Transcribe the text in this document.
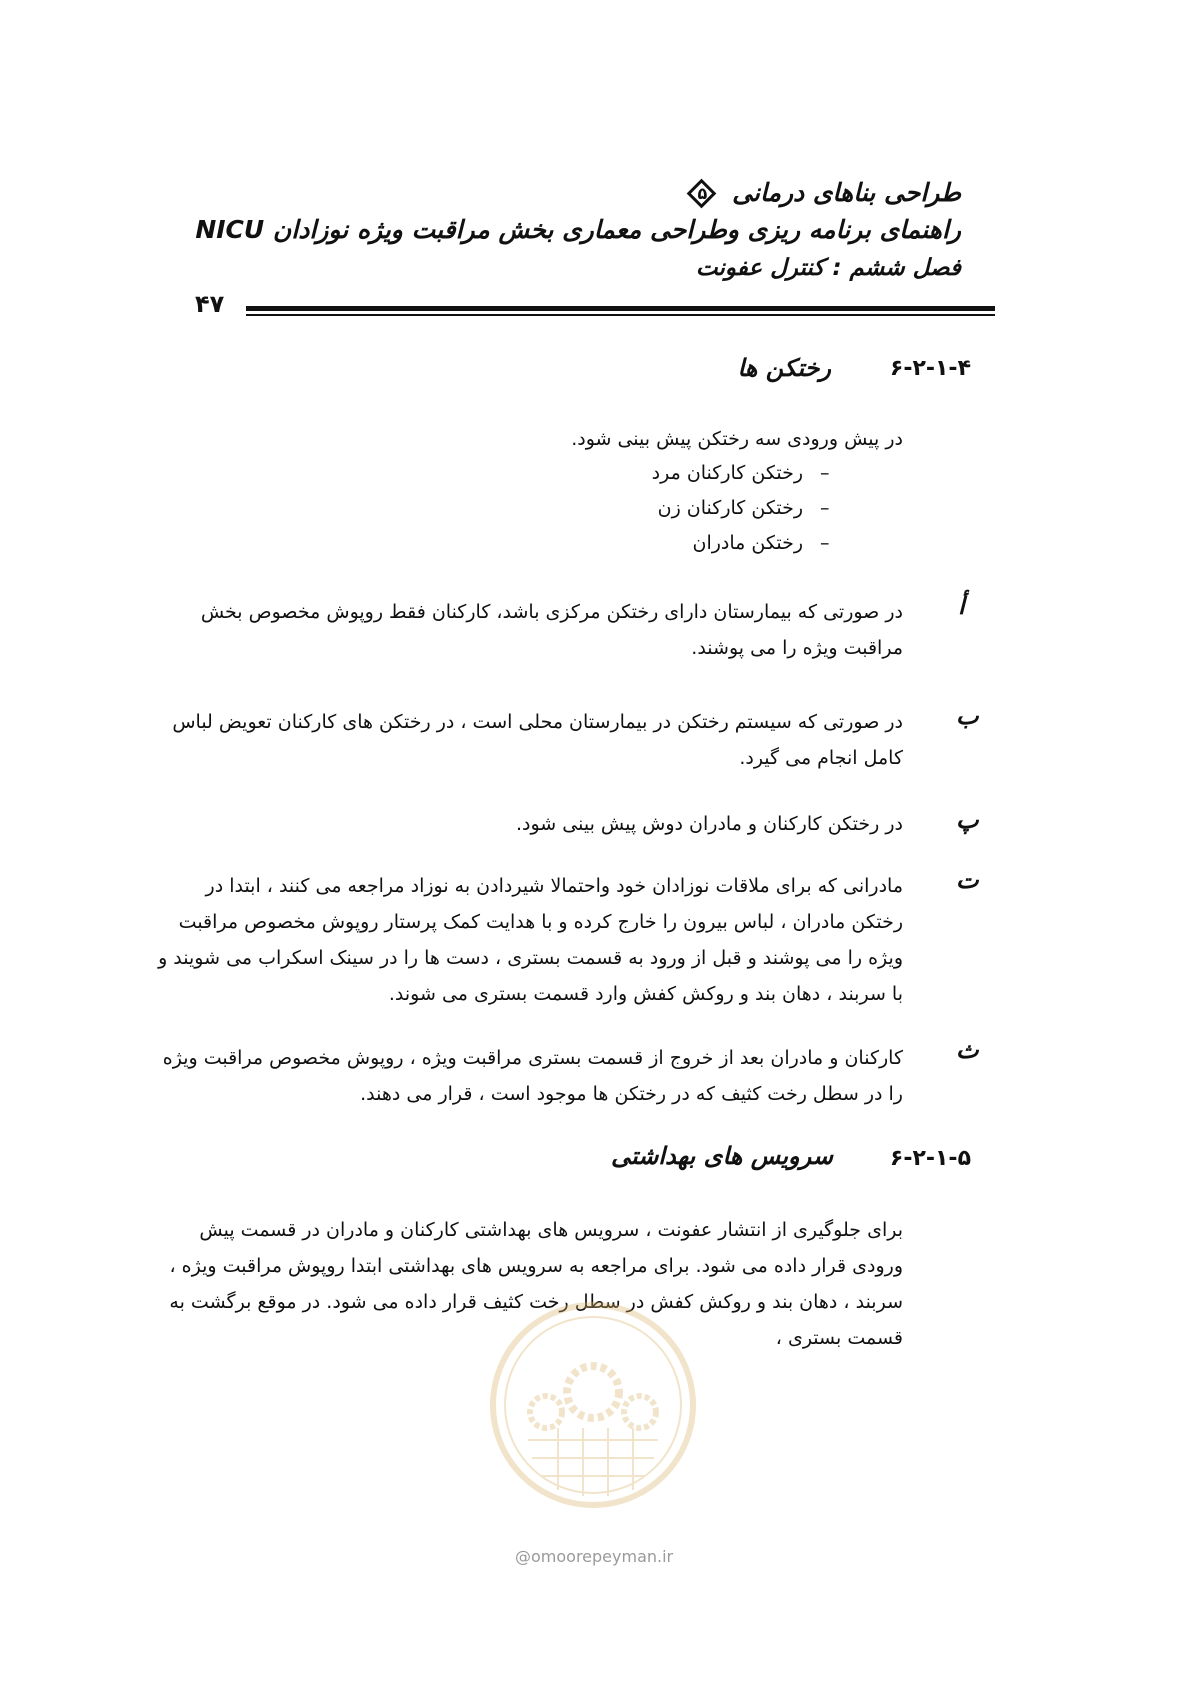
طراحی بناهای درمانی
۵
راهنمای برنامه ریزی وطراحی معماری بخش مراقبت ویژه نوزادان NICU
فصل ششم : کنترل عفونت
۴۷
۶-۲-۱-۴
رختکن ها
در پیش ورودی سه رختکن پیش بینی شود.
–
رختکن کارکنان مرد
–
رختکن کارکنان زن
–
رختکن مادران
أ
در صورتی که بیمارستان دارای رختکن مرکزی باشد، کارکنان فقط روپوش مخصوص بخش مراقبت ویژه را می پوشند.
ب
در صورتی که سیستم رختکن در بیمارستان محلی است ، در رختکن های کارکنان تعویض لباس کامل انجام می گیرد.
پ
در رختکن کارکنان و مادران دوش پیش بینی شود.
ت
مادرانی که برای ملاقات نوزادان خود واحتمالا شیردادن به نوزاد مراجعه می کنند ، ابتدا در رختکن مادران ، لباس بیرون را خارج کرده و با هدایت کمک پرستار روپوش مخصوص مراقبت ویژه را می پوشند و قبل از ورود به قسمت بستری ، دست ها را در سینک اسکراب می شویند و با سربند ، دهان بند و روکش کفش وارد قسمت بستری می شوند.
ث
کارکنان و مادران بعد از خروج از قسمت بستری مراقبت ویژه ، روپوش مخصوص مراقبت ویژه را در سطل رخت کثیف که در رختکن ها موجود است ، قرار می دهند.
۶-۲-۱-۵
سرویس های بهداشتی
برای جلوگیری از انتشار عفونت ، سرویس های بهداشتی کارکنان و مادران در قسمت پیش ورودی قرار داده می شود. برای مراجعه به سرویس های بهداشتی ابتدا روپوش مراقبت ویژه ، سربند ، دهان بند و روکش کفش در سطل رخت کثیف قرار داده می شود. در موقع برگشت به قسمت بستری ،
@omoorepeyman.ir
